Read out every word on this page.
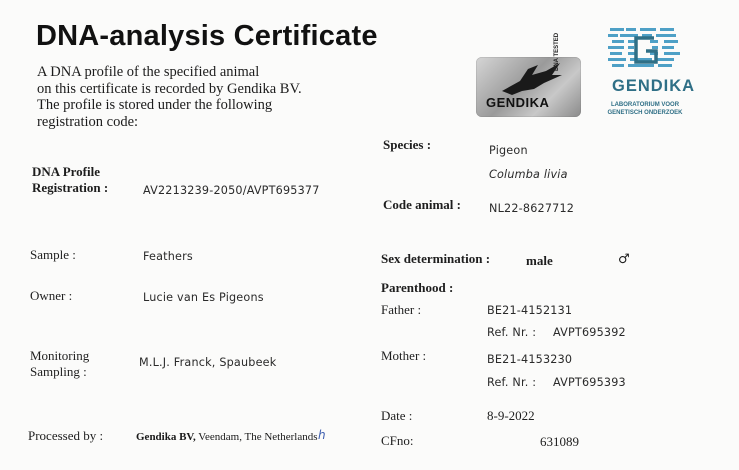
DNA-analysis Certificate
A DNA profile of the specified animal
on this certificate is recorded by Gendika BV.
The profile is stored under the following
registration code:
GENDIKA
DNA TESTED
GENDIKA
LABORATORIUM VOOR
GENETISCH ONDERZOEK
DNA Profile
Registration :	AV2213239-2050/AVPT695377
Sample :	Feathers
Owner :	Lucie van Es Pigeons
Monitoring
Sampling :
M.L.J. Franck, Spaubeek
Processed by :	Gendika BV, Veendam, The Netherlands h
Species :	Pigeon
Columba livia
Code animal :	NL22-8627712
Sex determination :	male	♂
Parenthood :
Father :	BE21-4152131
Ref. Nr. : AVPT695392
Mother :	BE21-4153230
Ref. Nr. : AVPT695393
Date :	8-9-2022
CFno:	631089
